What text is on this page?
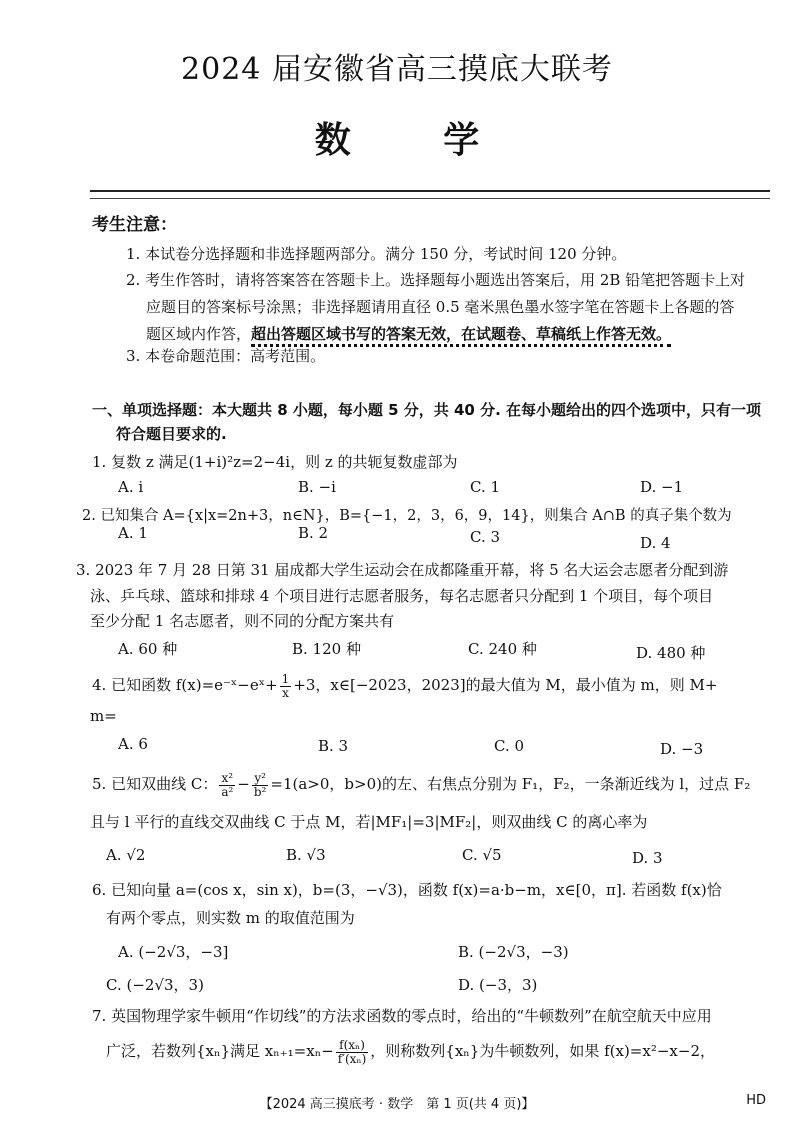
2024 届安徽省高三摸底大联考
数 学
考生注意：
1. 本试卷分选择题和非选择题两部分。满分 150 分，考试时间 120 分钟。
2. 考生作答时，请将答案答在答题卡上。选择题每小题选出答案后，用 2B 铅笔把答题卡上对
应题目的答案标号涂黑；非选择题请用直径 0.5 毫米黑色墨水签字笔在答题卡上各题的答
题区域内作答，超出答题区域书写的答案无效，在试题卷、草稿纸上作答无效。
3. 本卷命题范围：高考范围。
一、单项选择题：本大题共 8 小题，每小题 5 分，共 40 分. 在每小题给出的四个选项中，只有一项
符合题目要求的.
1. 复数 z 满足(1+i)²z=2−4i，则 z 的共轭复数虚部为
A. i	B. −i	C. 1	D. −1
2. 已知集合 A={x|x=2n+3，n∈N}，B={−1，2，3，6，9，14}，则集合 A∩B 的真子集个数为
A. 1	B. 2	C. 3	D. 4
3. 2023 年 7 月 28 日第 31 届成都大学生运动会在成都隆重开幕，将 5 名大运会志愿者分配到游
泳、乒乓球、篮球和排球 4 个项目进行志愿者服务，每名志愿者只分配到 1 个项目，每个项目
至少分配 1 名志愿者，则不同的分配方案共有
A. 60 种	B. 120 种	C. 240 种	D. 480 种
4. 已知函数 f(x)=e⁻ˣ−eˣ+ $\frac{1}{x} +3$，x∈[−2023，2023]的最大值为 M，最小值为 m，则 M+
m=
A. 6	B. 3	C. 0	D. −3
5. 已知双曲线 C： $\frac{\text{x²}}{\text{a²}} - \frac{\text{y²}}{\text{b²}} =1(a>0$，b>0)的左、右焦点分别为 F₁，F₂，一条渐近线为 l，过点 F₂
且与 l 平行的直线交双曲线 C 于点 M，若|MF₁|=3|MF₂|，则双曲线 C 的离心率为
A. √2	B. √3	C. √5	D. 3
6. 已知向量 a=(cos x，sin x)，b=(3，−√3)，函数 f(x)=a·b−m，x∈[0，π]. 若函数 f(x)恰
有两个零点，则实数 m 的取值范围为
A. (−2√3，−3]	B. (−2√3，−3)
C. (−2√3，3)	D. (−3，3)
7. 英国物理学家牛顿用“作切线”的方法求函数的零点时，给出的“牛顿数列”在航空航天中应用
广泛，若数列{xₙ}满足 $x_{n+1}=x_n- \frac{\text{f(xₙ)}}{\text{f′(xₙ)}}$ ，则称数列{xₙ}为牛顿数列，如果 f(x)=x²−x−2，
【2024 高三摸底考 · 数学　第 1 页(共 4 页)】	HD
